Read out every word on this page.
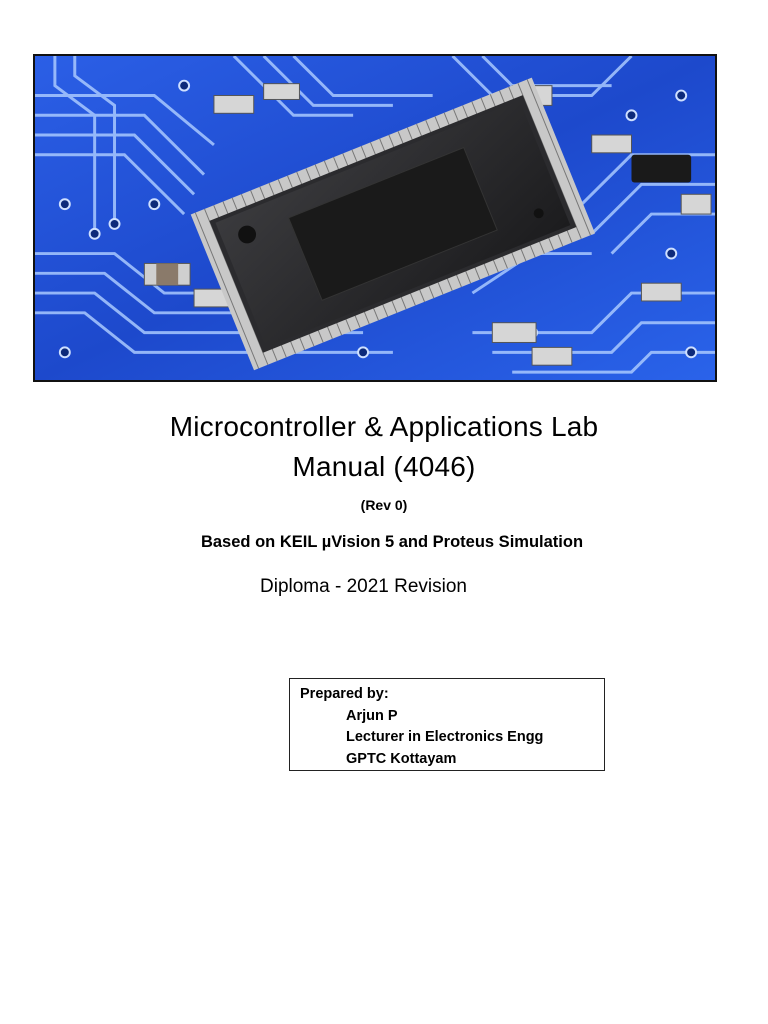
Microcontroller & Applications Lab
Manual (4046)
(Rev 0)
Based on KEIL µVision 5 and Proteus Simulation
Diploma - 2021 Revision
Prepared by:
Arjun P
Lecturer in Electronics Engg
GPTC Kottayam
